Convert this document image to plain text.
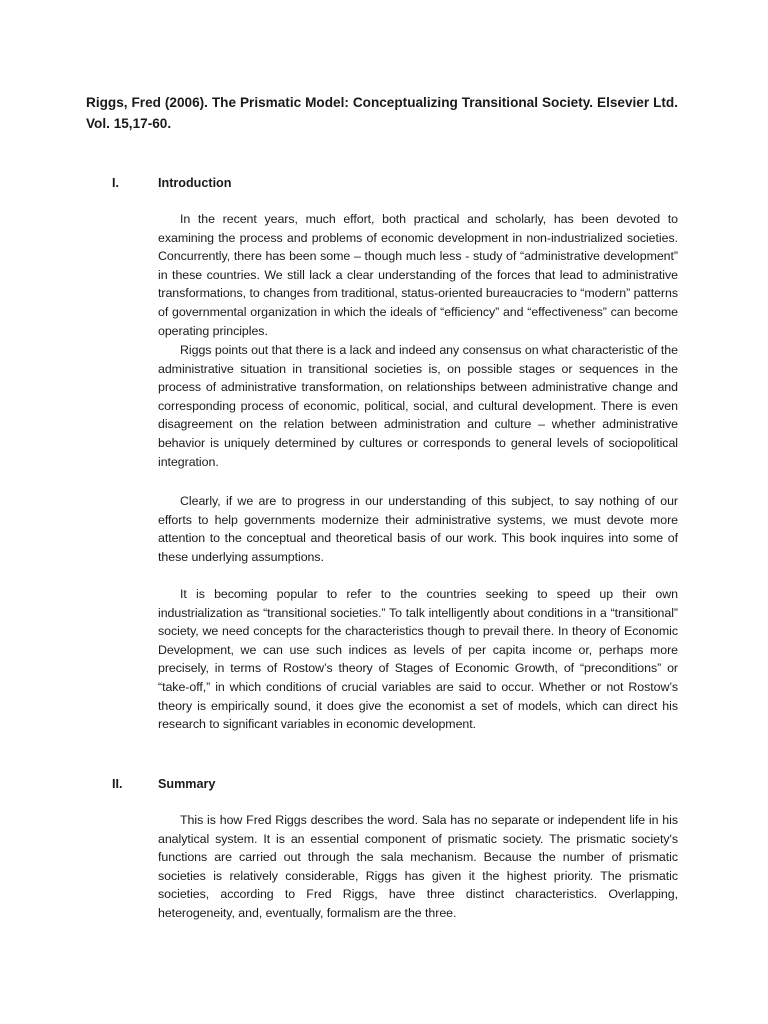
Riggs, Fred (2006). The Prismatic Model: Conceptualizing Transitional Society. Elsevier Ltd. Vol. 15,17-60.

I.	Introduction

In the recent years, much effort, both practical and scholarly, has been devoted to examining the process and problems of economic development in non-industrialized societies. Concurrently, there has been some – though much less - study of “administrative development” in these countries. We still lack a clear understanding of the forces that lead to administrative transformations, to changes from traditional, status-oriented bureaucracies to “modern” patterns of governmental organization in which the ideals of “efficiency” and “effectiveness” can become operating principles.

Riggs points out that there is a lack and indeed any consensus on what characteristic of the administrative situation in transitional societies is, on possible stages or sequences in the process of administrative transformation, on relationships between administrative change and corresponding process of economic, political, social, and cultural development. There is even disagreement on the relation between administration and culture – whether administrative behavior is uniquely determined by cultures or corresponds to general levels of sociopolitical integration.

Clearly, if we are to progress in our understanding of this subject, to say nothing of our efforts to help governments modernize their administrative systems, we must devote more attention to the conceptual and theoretical basis of our work. This book inquires into some of these underlying assumptions.

It is becoming popular to refer to the countries seeking to speed up their own industrialization as “transitional societies.” To talk intelligently about conditions in a “transitional” society, we need concepts for the characteristics though to prevail there. In theory of Economic Development, we can use such indices as levels of per capita income or, perhaps more precisely, in terms of Rostow’s theory of Stages of Economic Growth, of “preconditions” or “take-off,” in which conditions of crucial variables are said to occur. Whether or not Rostow’s theory is empirically sound, it does give the economist a set of models, which can direct his research to significant variables in economic development.

II.	Summary

This is how Fred Riggs describes the word. Sala has no separate or independent life in his analytical system. It is an essential component of prismatic society. The prismatic society's functions are carried out through the sala mechanism. Because the number of prismatic societies is relatively considerable, Riggs has given it the highest priority. The prismatic societies, according to Fred Riggs, have three distinct characteristics. Overlapping, heterogeneity, and, eventually, formalism are the three.
